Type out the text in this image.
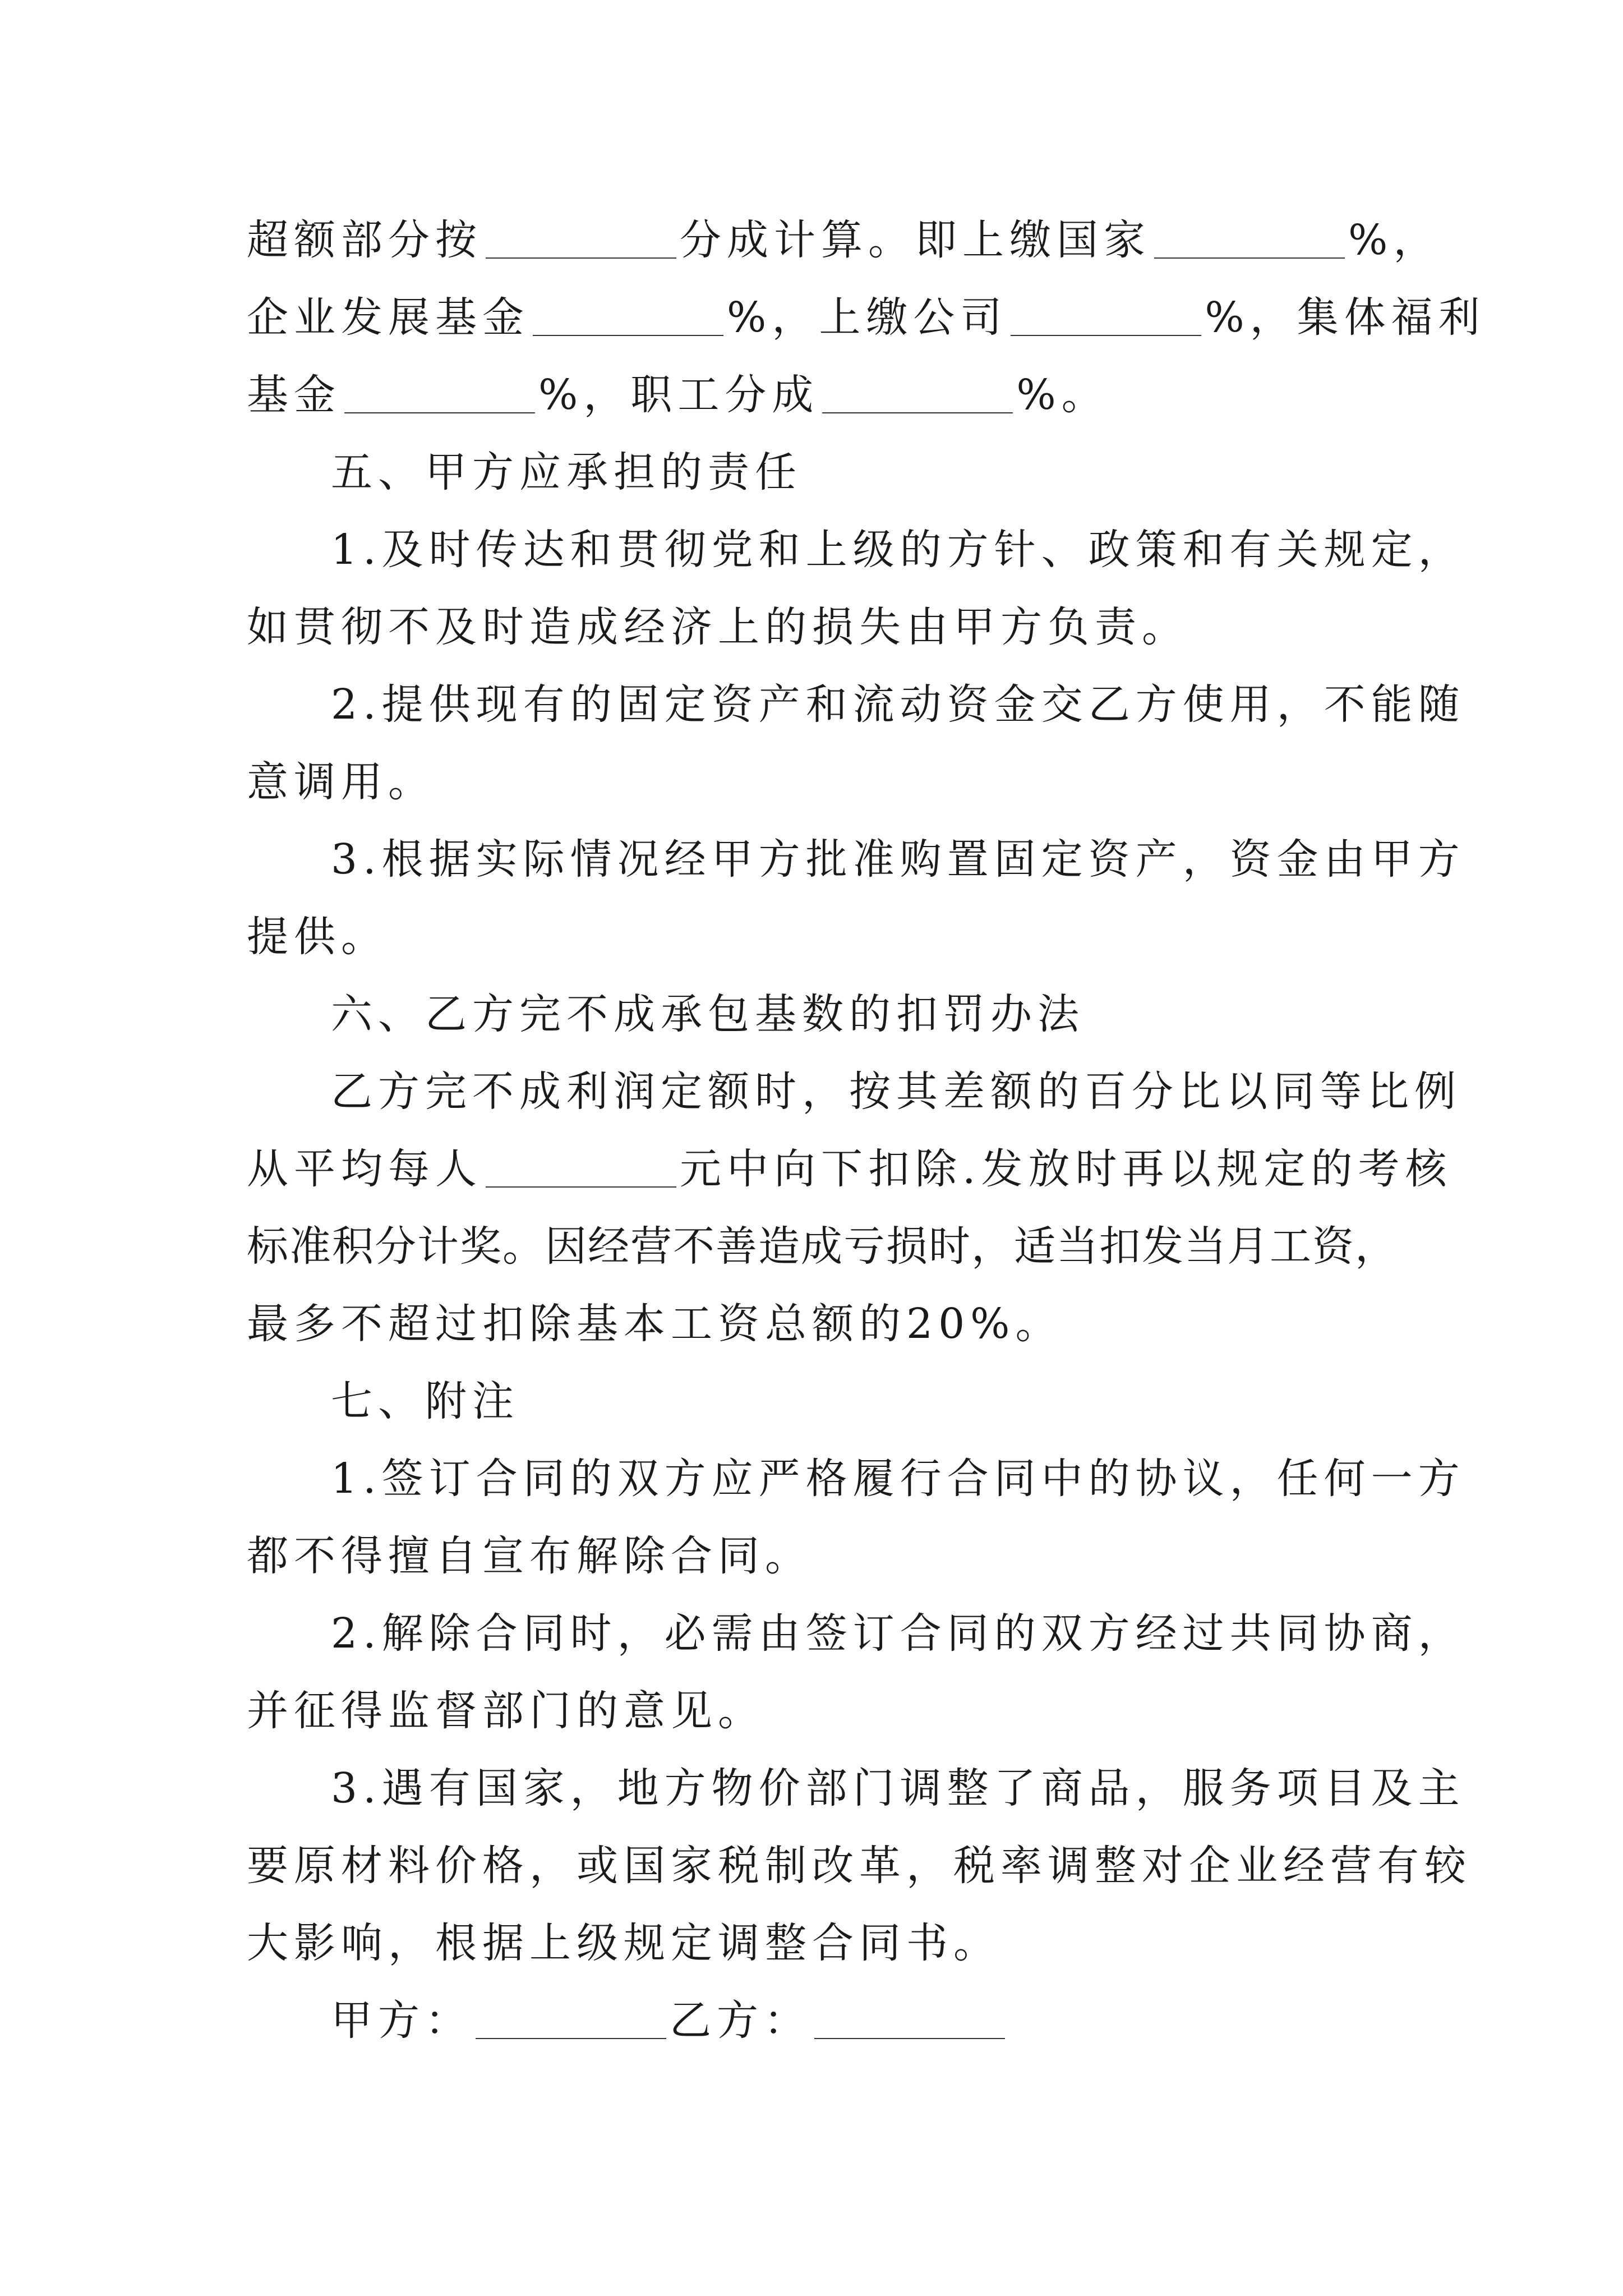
超额部分按	分成计算。即上缴国家	%，
企业发展基金	%，上缴公司	%，集体福利
基金	%，职工分成	%。
五、甲方应承担的责任
1.及时传达和贯彻党和上级的方针、政策和有关规定，
如贯彻不及时造成经济上的损失由甲方负责。
2.提供现有的固定资产和流动资金交乙方使用，不能随
意调用。
3.根据实际情况经甲方批准购置固定资产，资金由甲方
提供。
六、乙方完不成承包基数的扣罚办法
乙方完不成利润定额时，按其差额的百分比以同等比例
从平均每人	元中向下扣除.发放时再以规定的考核
标准积分计奖。因经营不善造成亏损时，适当扣发当月工资，
最多不超过扣除基本工资总额的20%。
七、附注
1.签订合同的双方应严格履行合同中的协议，任何一方
都不得擅自宣布解除合同。
2.解除合同时，必需由签订合同的双方经过共同协商，
并征得监督部门的意见。
3.遇有国家，地方物价部门调整了商品，服务项目及主
要原材料价格，或国家税制改革，税率调整对企业经营有较
大影响，根据上级规定调整合同书。
甲方：	乙方：
